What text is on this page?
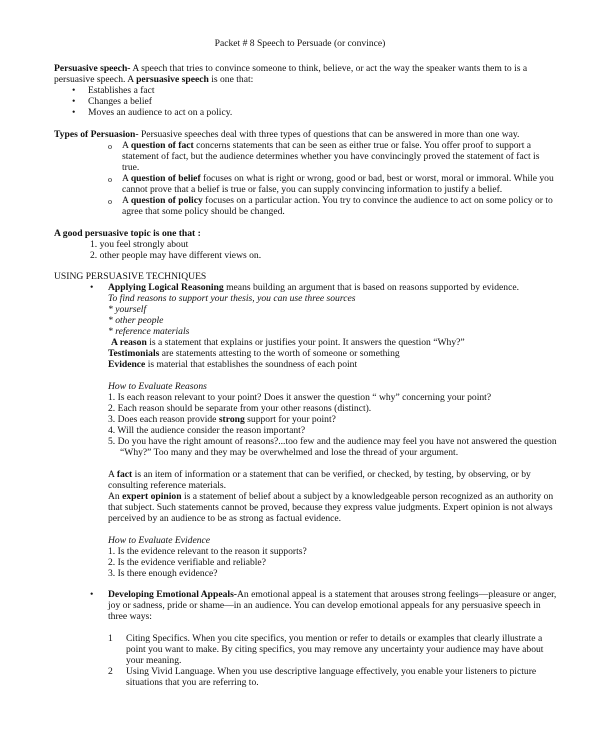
Packet # 8 Speech to Persuade (or convince)
Persuasive speech- A speech that tries to convince someone to think, believe, or act the way the speaker wants them to is a
persuasive speech. A persuasive speech is one that:
•
Establishes a fact
•
Changes a belief
•
Moves an audience to act on a policy.
Types of Persuasion- Persuasive speeches deal with three types of questions that can be answered in more than one way.
o A question of fact concerns statements that can be seen as either true or false. You offer proof to support a
statement of fact, but the audience determines whether you have convincingly proved the statement of fact is
true.
o A question of belief focuses on what is right or wrong, good or bad, best or worst, moral or immoral. While you
cannot prove that a belief is true or false, you can supply convincing information to justify a belief.
o A question of policy focuses on a particular action. You try to convince the audience to act on some policy or to
agree that some policy should be changed.
A good persuasive topic is one that :
1. you feel strongly about
2. other people may have different views on.
USING PERSUASIVE TECHNIQUES
•
Applying Logical Reasoning means building an argument that is based on reasons supported by evidence.
To find reasons to support your thesis, you can use three sources
* yourself
* other people
* reference materials
A reason is a statement that explains or justifies your point. It answers the question “Why?”
Testimonials are statements attesting to the worth of someone or something
Evidence is material that establishes the soundness of each point
How to Evaluate Reasons
1. Is each reason relevant to your point? Does it answer the question “ why” concerning your point?
2. Each reason should be separate from your other reasons (distinct).
3. Does each reason provide strong support for your point?
4. Will the audience consider the reason important?
5. Do you have the right amount of reasons?...too few and the audience may feel you have not answered the question
“Why?” Too many and they may be overwhelmed and lose the thread of your argument.
A fact is an item of information or a statement that can be verified, or checked, by testing, by observing, or by
consulting reference materials.
An expert opinion is a statement of belief about a subject by a knowledgeable person recognized as an authority on
that subject. Such statements cannot be proved, because they express value judgments. Expert opinion is not always
perceived by an audience to be as strong as factual evidence.
How to Evaluate Evidence
1. Is the evidence relevant to the reason it supports?
2. Is the evidence verifiable and reliable?
3. Is there enough evidence?
•
Developing Emotional Appeals-An emotional appeal is a statement that arouses strong feelings—pleasure or anger,
joy or sadness, pride or shame—in an audience. You can develop emotional appeals for any persuasive speech in
three ways:
1 Citing Specifics. When you cite specifics, you mention or refer to details or examples that clearly illustrate a
point you want to make. By citing specifics, you may remove any uncertainty your audience may have about
your meaning.
2 Using Vivid Language. When you use descriptive language effectively, you enable your listeners to picture
situations that you are referring to.
